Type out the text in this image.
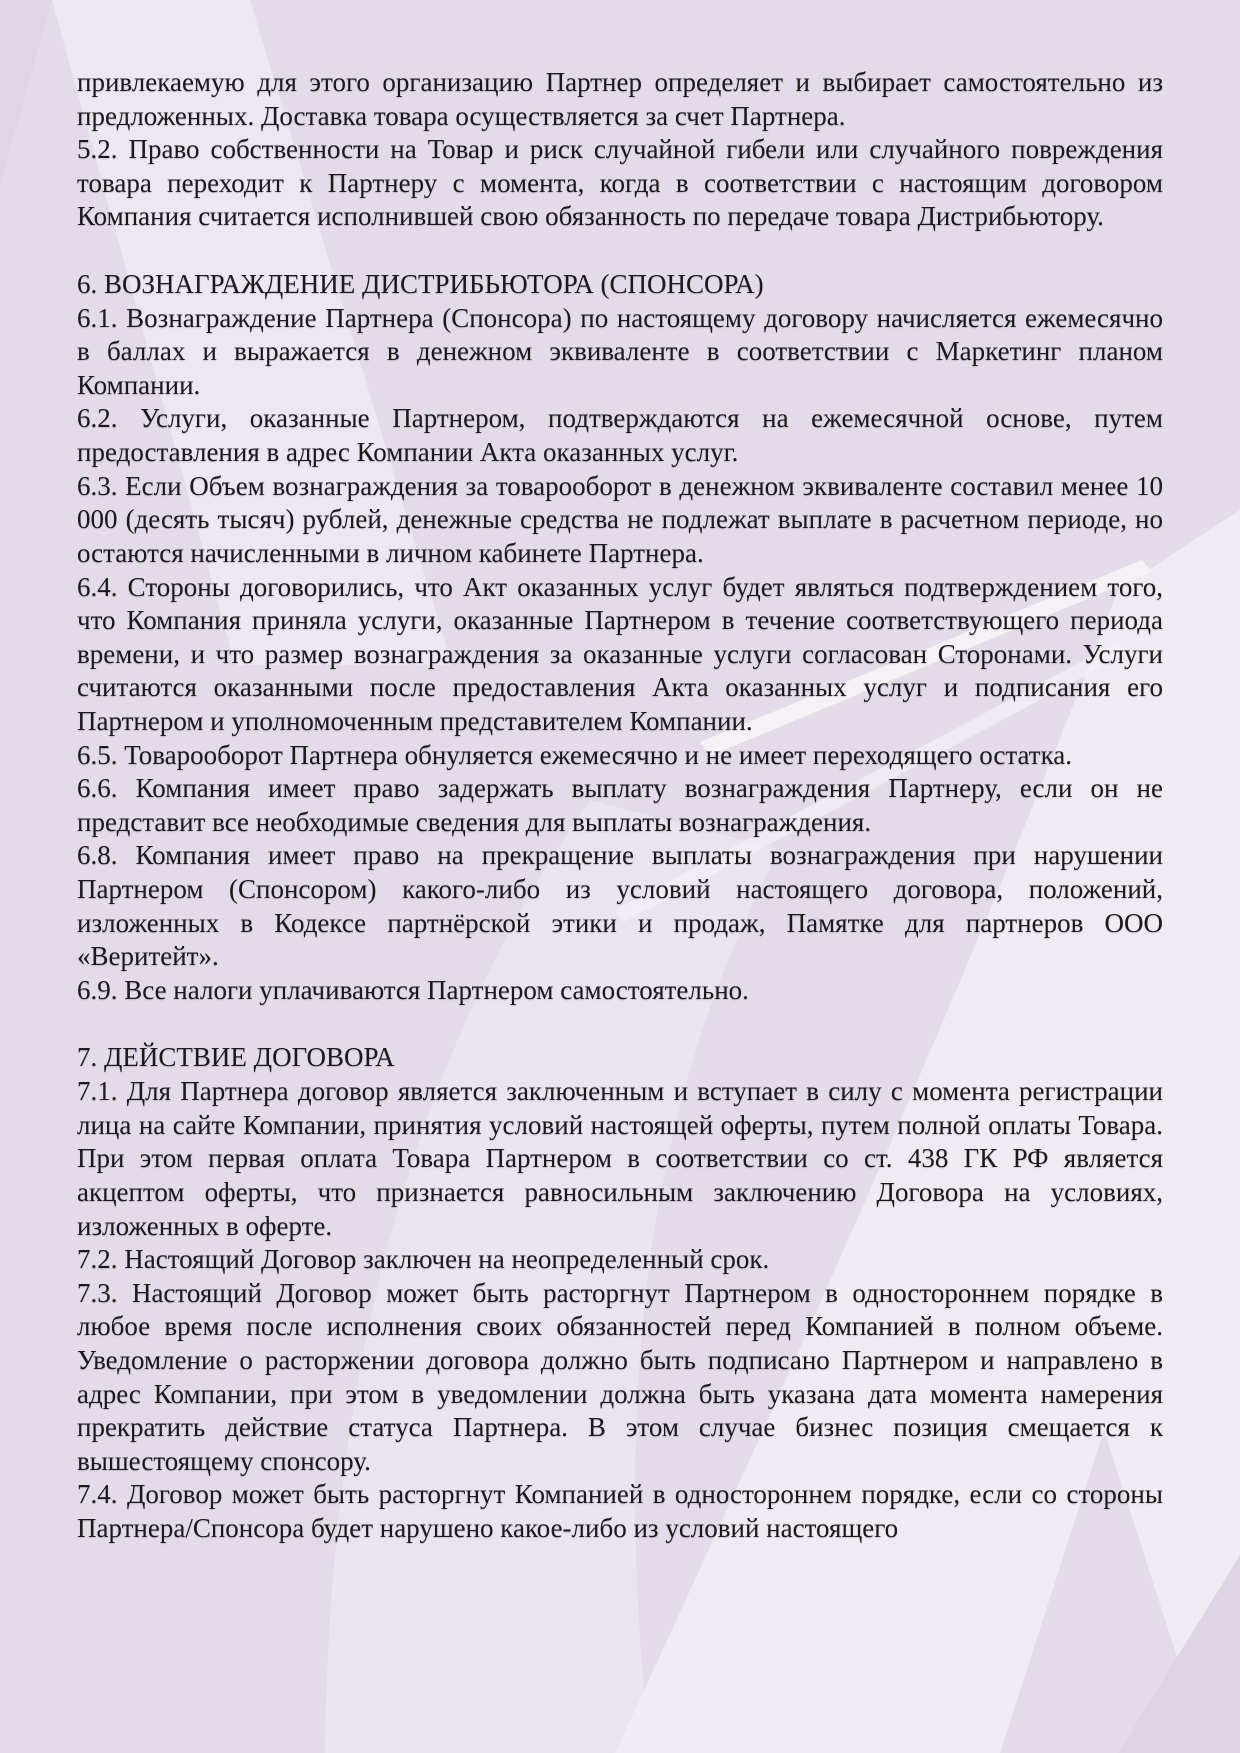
привлекаемую для этого организацию Партнер определяет и выбирает самостоятельно из предложенных. Доставка товара осуществляется за счет Партнера.

5.2. Право собственности на Товар и риск случайной гибели или случайного повреждения товара переходит к Партнеру с момента, когда в соответствии с настоящим договором Компания считается исполнившей свою обязанность по передаче товара Дистрибьютору.

6. ВОЗНАГРАЖДЕНИЕ ДИСТРИБЬЮТОРА (СПОНСОРА)

6.1. Вознаграждение Партнера (Спонсора) по настоящему договору начисляется ежемесячно в баллах и выражается в денежном эквиваленте в соответствии с Маркетинг планом Компании.

6.2. Услуги, оказанные Партнером, подтверждаются на ежемесячной основе, путем предоставления в адрес Компании Акта оказанных услуг.

6.3. Если Объем вознаграждения за товарооборот в денежном эквиваленте составил менее 10 000 (десять тысяч) рублей, денежные средства не подлежат выплате в расчетном периоде, но остаются начисленными в личном кабинете Партнера.

6.4. Стороны договорились, что Акт оказанных услуг будет являться подтверждением того, что Компания приняла услуги, оказанные Партнером в течение соответствующего периода времени, и что размер вознаграждения за оказанные услуги согласован Сторонами. Услуги считаются оказанными после предоставления Акта оказанных услуг и подписания его Партнером и уполномоченным представителем Компании.

6.5. Товарооборот Партнера обнуляется ежемесячно и не имеет переходящего остатка.

6.6. Компания имеет право задержать выплату вознаграждения Партнеру, если он не представит все необходимые сведения для выплаты вознаграждения.

6.8. Компания имеет право на прекращение выплаты вознаграждения при нарушении Партнером (Спонсором) какого-либо из условий настоящего договора, положений, изложенных в Кодексе партнёрской этики и продаж, Памятке для партнеров ООО «Веритейт».

6.9. Все налоги уплачиваются Партнером самостоятельно.

7. ДЕЙСТВИЕ ДОГОВОРА

7.1. Для Партнера договор является заключенным и вступает в силу с момента регистрации лица на сайте Компании, принятия условий настоящей оферты, путем полной оплаты Товара. При этом первая оплата Товара Партнером в соответствии со ст. 438 ГК РФ является акцептом оферты, что признается равносильным заключению Договора на условиях, изложенных в оферте.

7.2. Настоящий Договор заключен на неопределенный срок.

7.3. Настоящий Договор может быть расторгнут Партнером в одностороннем порядке в любое время после исполнения своих обязанностей перед Компанией в полном объеме. Уведомление о расторжении договора должно быть подписано Партнером и направлено в адрес Компании, при этом в уведомлении должна быть указана дата момента намерения прекратить действие статуса Партнера. В этом случае бизнес позиция смещается к вышестоящему спонсору.

7.4. Договор может быть расторгнут Компанией в одностороннем порядке, если со стороны Партнера/Спонсора будет нарушено какое-либо из условий настоящего
